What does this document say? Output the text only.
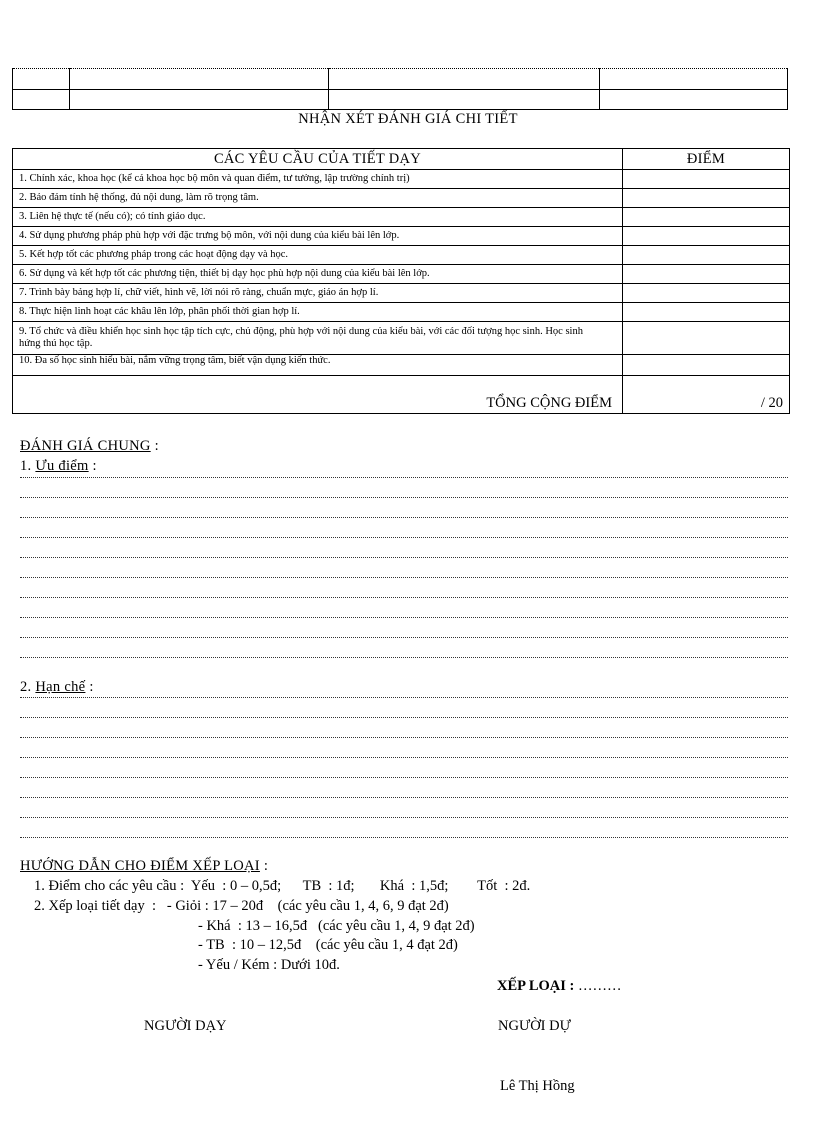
NHẬN XÉT ĐÁNH GIÁ CHI TIẾT
CÁC YÊU CẦU CỦA TIẾT DẠY	ĐIỂM
1. Chính xác, khoa học (kể cả khoa học bộ môn và quan điểm, tư tưởng, lập trường chính trị)	
2. Bảo đảm tính hệ thống, đủ nội dung, làm rõ trọng tâm.	
3. Liên hệ thực tế (nếu có); có tính giáo dục.	
4. Sử dụng phương pháp phù hợp với đặc trưng bộ môn, với nội dung của kiểu bài lên lớp.	
5. Kết hợp tốt các phương pháp trong các hoạt động dạy và học.	
6. Sử dụng và kết hợp tốt các phương tiện, thiết bị dạy học phù hợp nội dung của kiểu bài lên lớp.	
7. Trình bày bảng hợp lí, chữ viết, hình vẽ, lời nói rõ ràng, chuẩn mực, giáo án hợp lí.	
8. Thực hiện linh hoạt các khâu lên lớp, phân phối thời gian hợp lí.	
9. Tổ chức và điều khiển học sinh học tập tích cực, chủ động, phù hợp với nội dung của kiểu bài, với các đối tượng học sinh. Học sinh hứng thú học tập.	
10. Đa số học sinh hiểu bài, nắm vững trọng tâm, biết vận dụng kiến thức.	
TỔNG CỘNG ĐIỂM	/ 20
ĐÁNH GIÁ CHUNG :
1. Ưu điểm :
2. Hạn chế :
HƯỚNG DẪN CHO ĐIỂM XẾP LOẠI :
1. Điểm cho các yêu cầu :  Yếu  : 0 – 0,5đ;      TB  : 1đ;       Khá  : 1,5đ;        Tốt  : 2đ.
2. Xếp loại tiết dạy  :   - Giỏi : 17 – 20đ    (các yêu cầu 1, 4, 6, 9 đạt 2đ)
- Khá  : 13 – 16,5đ   (các yêu cầu 1, 4, 9 đạt 2đ)
- TB  : 10 – 12,5đ    (các yêu cầu 1, 4 đạt 2đ)
- Yếu / Kém : Dưới 10đ.
XẾP LOẠI : ………
NGƯỜI DẠY	NGƯỜI DỰ
Lê Thị Hồng
